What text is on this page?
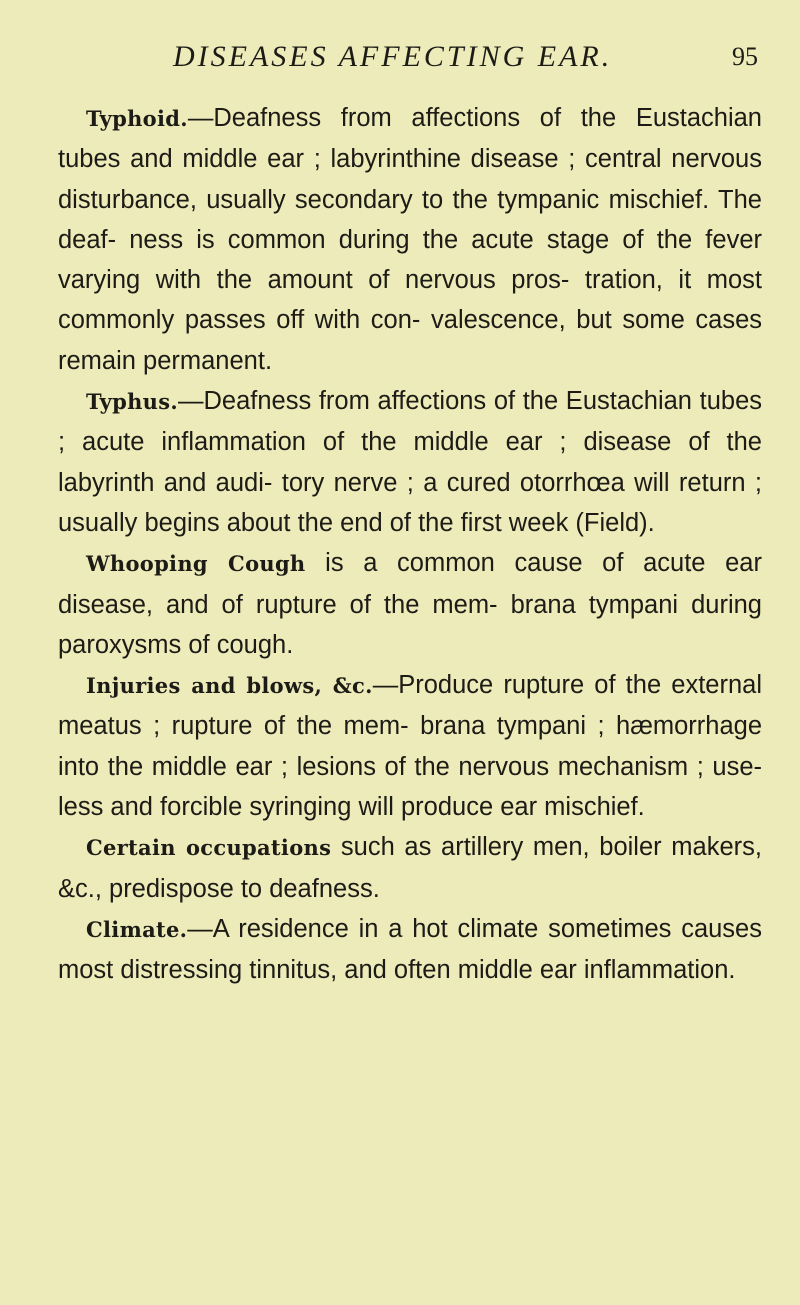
DISEASES AFFECTING EAR.	95

Typhoid.—Deafness from affections of the Eustachian tubes and middle ear ; labyrinthine disease ; central nervous disturbance, usually secondary to the tympanic mischief. The deaf- ness is common during the acute stage of the fever varying with the amount of nervous pros- tration, it most commonly passes off with con- valescence, but some cases remain permanent.

Typhus.—Deafness from affections of the Eustachian tubes ; acute inflammation of the middle ear ; disease of the labyrinth and audi- tory nerve ; a cured otorrhœa will return ; usually begins about the end of the first week (Field).

Whooping Cough is a common cause of acute ear disease, and of rupture of the mem- brana tympani during paroxysms of cough.

Injuries and blows, &c.—Produce rupture of the external meatus ; rupture of the mem- brana tympani ; hæmorrhage into the middle ear ; lesions of the nervous mechanism ; use- less and forcible syringing will produce ear mischief.

Certain occupations such as artillery men, boiler makers, &c., predispose to deafness.

Climate.—A residence in a hot climate sometimes causes most distressing tinnitus, and often middle ear inflammation.
